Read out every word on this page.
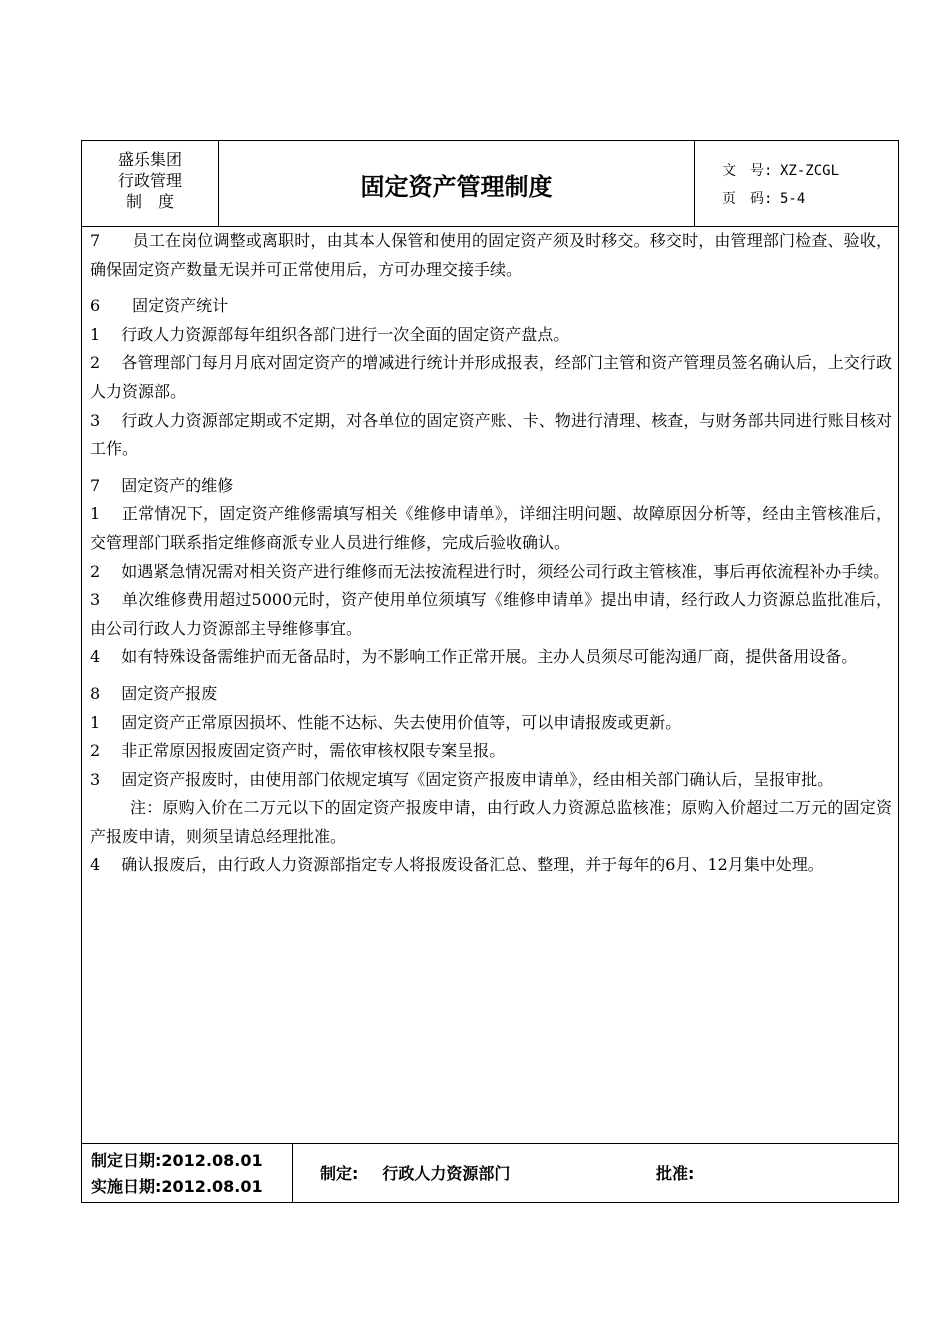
盛乐集团
行政管理
制　度
固定资产管理制度
文　号: XZ-ZCGL
页　码: 5-4

7　　员工在岗位调整或离职时，由其本人保管和使用的固定资产须及时移交。移交时，由管理部门检查、验收，确保固定资产数量无误并可正常使用后，方可办理交接手续。

6　　固定资产统计

1　 行政人力资源部每年组织各部门进行一次全面的固定资产盘点。

2　 各管理部门每月月底对固定资产的增减进行统计并形成报表，经部门主管和资产管理员签名确认后，上交行政人力资源部。

3　 行政人力资源部定期或不定期，对各单位的固定资产账、卡、物进行清理、核查，与财务部共同进行账目核对工作。

7　 固定资产的维修

1　 正常情况下，固定资产维修需填写相关《维修申请单》，详细注明问题、故障原因分析等，经由主管核准后，交管理部门联系指定维修商派专业人员进行维修，完成后验收确认。

2　 如遇紧急情况需对相关资产进行维修而无法按流程进行时，须经公司行政主管核准，事后再依流程补办手续。

3　 单次维修费用超过5000元时，资产使用单位须填写《维修申请单》提出申请，经行政人力资源总监批准后，由公司行政人力资源部主导维修事宜。

4　 如有特殊设备需维护而无备品时，为不影响工作正常开展。主办人员须尽可能沟通厂商，提供备用设备。

8　 固定资产报废

1　 固定资产正常原因损坏、性能不达标、失去使用价值等，可以申请报废或更新。

2　 非正常原因报废固定资产时，需依审核权限专案呈报。

3　 固定资产报废时，由使用部门依规定填写《固定资产报废申请单》，经由相关部门确认后，呈报审批。

注：原购入价在二万元以下的固定资产报废申请，由行政人力资源总监核准；原购入价超过二万元的固定资产报废申请，则须呈请总经理批准。

4　 确认报废后，由行政人力资源部指定专人将报废设备汇总、整理，并于每年的6月、12月集中处理。

制定日期:2012.08.01
实施日期:2012.08.01
制定: 行政人力资源部门	批准:
